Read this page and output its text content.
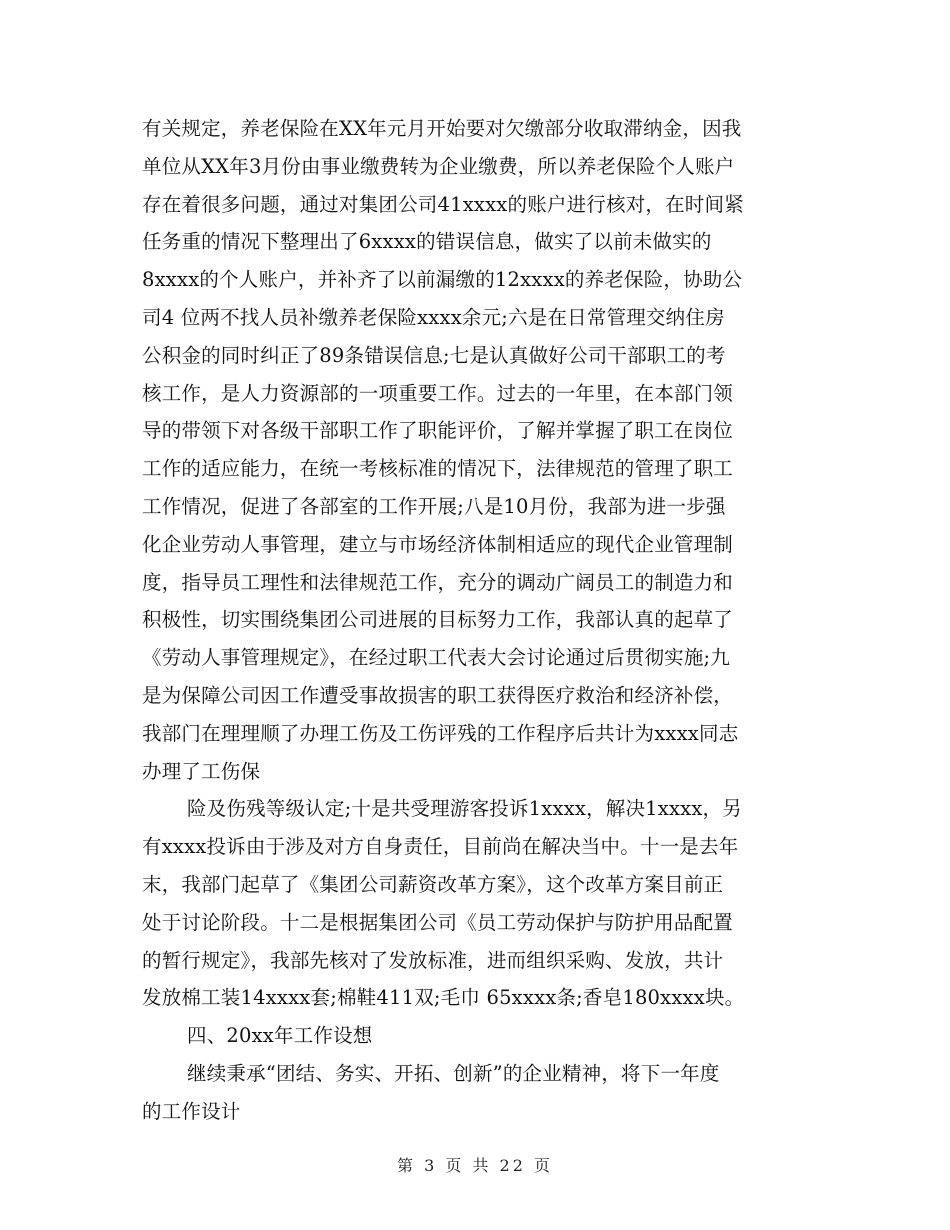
有关规定，养老保险在XX年元月开始要对欠缴部分收取滞纳金，因我
单位从XX年3月份由事业缴费转为企业缴费，所以养老保险个人账户
存在着很多问题，通过对集团公司41xxxx的账户进行核对，在时间紧
任务重的情况下整理出了6xxxx的错误信息，做实了以前未做实的
8xxxx的个人账户，并补齐了以前漏缴的12xxxx的养老保险，协助公
司4 位两不找人员补缴养老保险xxxx余元;六是在日常管理交纳住房
公积金的同时纠正了89条错误信息;七是认真做好公司干部职工的考
核工作，是人力资源部的一项重要工作。过去的一年里，在本部门领
导的带领下对各级干部职工作了职能评价，了解并掌握了职工在岗位
工作的适应能力，在统一考核标准的情况下，法律规范的管理了职工
工作情况，促进了各部室的工作开展;八是10月份，我部为进一步强
化企业劳动人事管理，建立与市场经济体制相适应的现代企业管理制
度，指导员工理性和法律规范工作，充分的调动广阔员工的制造力和
积极性，切实围绕集团公司进展的目标努力工作，我部认真的起草了
《劳动人事管理规定》，在经过职工代表大会讨论通过后贯彻实施;九
是为保障公司因工作遭受事故损害的职工获得医疗救治和经济补偿，
我部门在理理顺了办理工伤及工伤评残的工作程序后共计为xxxx同志
办理了工伤保
险及伤残等级认定;十是共受理游客投诉1xxxx，解决1xxxx，另
有xxxx投诉由于涉及对方自身责任，目前尚在解决当中。十一是去年
末，我部门起草了《集团公司薪资改革方案》，这个改革方案目前正
处于讨论阶段。十二是根据集团公司《员工劳动保护与防护用品配置
的暂行规定》，我部先核对了发放标准，进而组织采购、发放，共计
发放棉工装14xxxx套;棉鞋411双;毛巾 65xxxx条;香皂180xxxx块。
四、20xx年工作设想
继续秉承“团结、务实、开拓、创新”的企业精神，将下一年度
的工作设计
第 3 页 共 22 页
